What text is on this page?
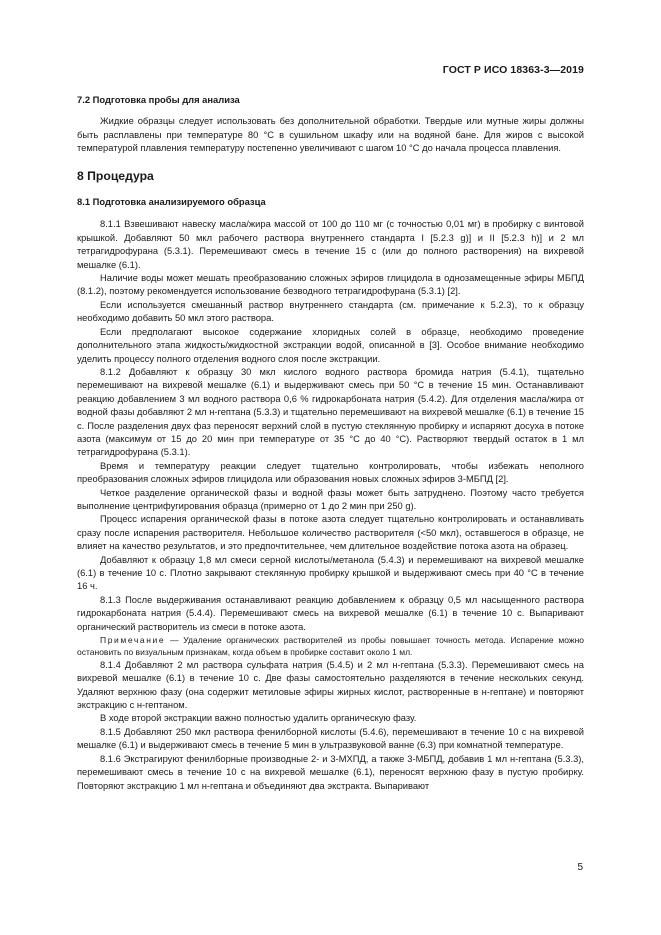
ГОСТ Р ИСО 18363-3—2019
7.2 Подготовка пробы для анализа

Жидкие образцы следует использовать без дополнительной обработки. Твердые или мутные жиры должны быть расплавлены при температуре 80 °С в сушильном шкафу или на водяной бане. Для жиров с высокой температурой плавления температуру постепенно увеличивают с шагом 10 °С до начала процесса плавления.

8 Процедура
8.1 Подготовка анализируемого образца

8.1.1 Взвешивают навеску масла/жира массой от 100 до 110 мг (с точностью 0,01 мг) в пробирку с винтовой крышкой. Добавляют 50 мкл рабочего раствора внутреннего стандарта I [5.2.3 g)] и II [5.2.3 h)] и 2 мл тетрагидрофурана (5.3.1). Перемешивают смесь в течение 15 с (или до полного растворения) на вихревой мешалке (6.1).

Наличие воды может мешать преобразованию сложных эфиров глицидола в однозамещенные эфиры МБПД (8.1.2), поэтому рекомендуется использование безводного тетрагидрофурана (5.3.1) [2].

Если используется смешанный раствор внутреннего стандарта (см. примечание к 5.2.3), то к образцу необходимо добавить 50 мкл этого раствора.

Если предполагают высокое содержание хлоридных солей в образце, необходимо проведение дополнительного этапа жидкость/жидкостной экстракции водой, описанной в [3]. Особое внимание необходимо уделить процессу полного отделения водного слоя после экстракции.

8.1.2 Добавляют к образцу 30 мкл кислого водного раствора бромида натрия (5.4.1), тщательно перемешивают на вихревой мешалке (6.1) и выдерживают смесь при 50 °С в течение 15 мин. Останавливают реакцию добавлением 3 мл водного раствора 0,6 % гидрокарбоната натрия (5.4.2). Для отделения масла/жира от водной фазы добавляют 2 мл н-гептана (5.3.3) и тщательно перемешивают на вихревой мешалке (6.1) в течение 15 с. После разделения двух фаз переносят верхний слой в пустую стеклянную пробирку и испаряют досуха в потоке азота (максимум от 15 до 20 мин при температуре от 35 °С до 40 °С). Растворяют твердый остаток в 1 мл тетрагидрофурана (5.3.1).

Время и температуру реакции следует тщательно контролировать, чтобы избежать неполного преобразования сложных эфиров глицидола или образования новых сложных эфиров 3-МБПД [2].

Четкое разделение органической фазы и водной фазы может быть затруднено. Поэтому часто требуется выполнение центрифугирования образца (примерно от 1 до 2 мин при 250 g).

Процесс испарения органической фазы в потоке азота следует тщательно контролировать и останавливать сразу после испарения растворителя. Небольшое количество растворителя (<50 мкл), оставшегося в образце, не влияет на качество результатов, и это предпочтительнее, чем длительное воздействие потока азота на образец.

Добавляют к образцу 1,8 мл смеси серной кислоты/метанола (5.4.3) и перемешивают на вихревой мешалке (6.1) в течение 10 с. Плотно закрывают стеклянную пробирку крышкой и выдерживают смесь при 40 °С в течение 16 ч.

8.1.3 После выдерживания останавливают реакцию добавлением к образцу 0,5 мл насыщенного раствора гидрокарбоната натрия (5.4.4). Перемешивают смесь на вихревой мешалке (6.1) в течение 10 с. Выпаривают органический растворитель из смеси в потоке азота.

Примечание — Удаление органических растворителей из пробы повышает точность метода. Испарение можно остановить по визуальным признакам, когда объем в пробирке составит около 1 мл.

8.1.4 Добавляют 2 мл раствора сульфата натрия (5.4.5) и 2 мл н-гептана (5.3.3). Перемешивают смесь на вихревой мешалке (6.1) в течение 10 с. Две фазы самостоятельно разделяются в течение нескольких секунд. Удаляют верхнюю фазу (она содержит метиловые эфиры жирных кислот, растворенные в н-гептане) и повторяют экстракцию с н-гептаном.

В ходе второй экстракции важно полностью удалить органическую фазу.

8.1.5 Добавляют 250 мкл раствора фенилборной кислоты (5.4.6), перемешивают в течение 10 с на вихревой мешалке (6.1) и выдерживают смесь в течение 5 мин в ультразвуковой ванне (6.3) при комнатной температуре.

8.1.6 Экстрагируют фенилборные производные 2- и 3-МХПД, а также 3-МБПД, добавив 1 мл н-гептана (5.3.3), перемешивают смесь в течение 10 с на вихревой мешалке (6.1), переносят верхнюю фазу в пустую пробирку. Повторяют экстракцию 1 мл н-гептана и объединяют два экстракта. Выпаривают

5
